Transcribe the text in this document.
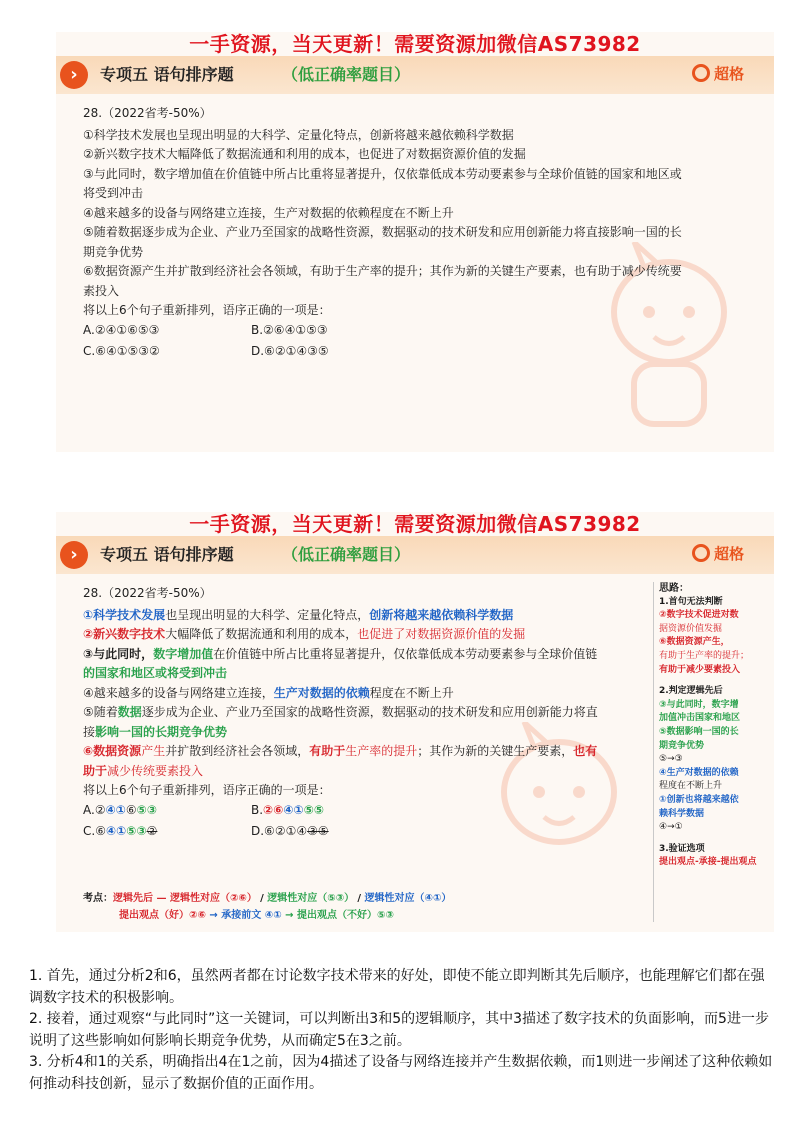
一手资源，当天更新！需要资源加微信AS73982
›	专项五 语句排序题	（低正确率题目）	超格
28.（2022省考-50%）
①科学技术发展也呈现出明显的大科学、定量化特点，创新将越来越依赖科学数据
②新兴数字技术大幅降低了数据流通和利用的成本，也促进了对数据资源价值的发掘
③与此同时，数字增加值在价值链中所占比重将显著提升，仅依靠低成本劳动要素参与全球价值链的国家和地区或将受到冲击
④越来越多的设备与网络建立连接，生产对数据的依赖程度在不断上升
⑤随着数据逐步成为企业、产业乃至国家的战略性资源，数据驱动的技术研发和应用创新能力将直接影响一国的长期竞争优势
⑥数据资源产生并扩散到经济社会各领域，有助于生产率的提升；其作为新的关键生产要素，也有助于减少传统要素投入
将以上6个句子重新排列，语序正确的一项是：
A.②④①⑥⑤③	B.②⑥④①⑤③
C.⑥④①⑤③②	D.⑥②①④③⑤
一手资源，当天更新！需要资源加微信AS73982
›	专项五 语句排序题	（低正确率题目）	超格
28.（2022省考-50%）
①科学技术发展也呈现出明显的大科学、定量化特点，创新将越来越依赖科学数据
②新兴数字技术大幅降低了数据流通和利用的成本，也促进了对数据资源价值的发掘
③与此同时，数字增加值在价值链中所占比重将显著提升，仅依靠低成本劳动要素参与全球价值链
的国家和地区或将受到冲击
④越来越多的设备与网络建立连接，生产对数据的依赖程度在不断上升
⑤随着数据逐步成为企业、产业乃至国家的战略性资源，数据驱动的技术研发和应用创新能力将直
接影响一国的长期竞争优势
⑥数据资源产生并扩散到经济社会各领域，有助于生产率的提升；其作为新的关键生产要素，也有
助于减少传统要素投入
将以上6个句子重新排列，语序正确的一项是：
A.②④①⑥⑤③	B.②⑥④①⑤⑤
C.⑥④①⑤③②	D.⑥②①④③⑤
考点：逻辑先后 — 逻辑性对应（②⑥） / 逻辑性对应（⑤③） / 逻辑性对应（④①）
提出观点（好）②⑥ → 承接前文 ④① → 提出观点（不好）⑤③
思路：
1.首句无法判断
②数字技术促进对数
据资源价值发掘
⑥数据资源产生，
有助于生产率的提升；
有助于减少要素投入
2.判定逻辑先后
③与此同时，数字增
加值冲击国家和地区
⑤数据影响一国的长
期竞争优势
⑤→③
④生产对数据的依赖
程度在不断上升
①创新也将越来越依
赖科学数据
④→①
3.验证选项
提出观点-承接-提出观点

1. 首先，通过分析2和6，虽然两者都在讨论数字技术带来的好处，即使不能立即判断其先后顺序，也能理解它们都在强调数字技术的积极影响。

2. 接着，通过观察“与此同时”这一关键词，可以判断出3和5的逻辑顺序，其中3描述了数字技术的负面影响，而5进一步说明了这些影响如何影响长期竞争优势，从而确定5在3之前。

3. 分析4和1的关系，明确指出4在1之前，因为4描述了设备与网络连接并产生数据依赖，而1则进一步阐述了这种依赖如何推动科技创新，显示了数据价值的正面作用。
